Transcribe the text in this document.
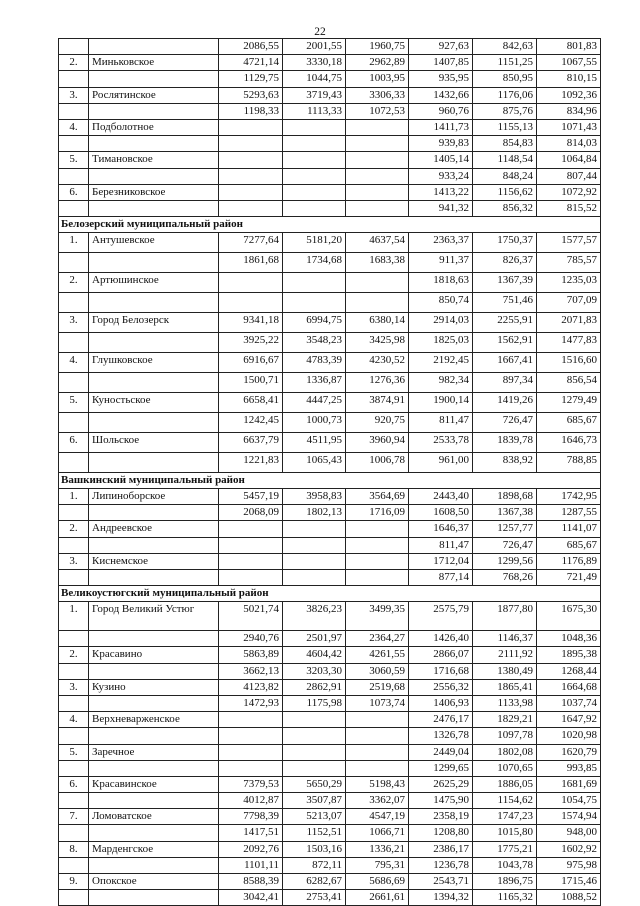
22
		2086,55	2001,55	1960,75	927,63	842,63	801,83
2.	Миньковское	4721,14	3330,18	2962,89	1407,85	1151,25	1067,55
		1129,75	1044,75	1003,95	935,95	850,95	810,15
3.	Рослятинское	5293,63	3719,43	3306,33	1432,66	1176,06	1092,36
		1198,33	1113,33	1072,53	960,76	875,76	834,96
4.	Подболотное				1411,73	1155,13	1071,43
					939,83	854,83	814,03
5.	Тимановское				1405,14	1148,54	1064,84
					933,24	848,24	807,44
6.	Березниковское				1413,22	1156,62	1072,92
					941,32	856,32	815,52
Белозерский муниципальный район							
1.	Антушевское	7277,64	5181,20	4637,54	2363,37	1750,37	1577,57
		1861,68	1734,68	1683,38	911,37	826,37	785,57
2.	Артюшинское				1818,63	1367,39	1235,03
					850,74	751,46	707,09
3.	Город Белозерск	9341,18	6994,75	6380,14	2914,03	2255,91	2071,83
		3925,22	3548,23	3425,98	1825,03	1562,91	1477,83
4.	Глушковское	6916,67	4783,39	4230,52	2192,45	1667,41	1516,60
		1500,71	1336,87	1276,36	982,34	897,34	856,54
5.	Куностьское	6658,41	4447,25	3874,91	1900,14	1419,26	1279,49
		1242,45	1000,73	920,75	811,47	726,47	685,67
6.	Шольское	6637,79	4511,95	3960,94	2533,78	1839,78	1646,73
		1221,83	1065,43	1006,78	961,00	838,92	788,85
Вашкинский муниципальный район							
1.	Липиноборское	5457,19	3958,83	3564,69	2443,40	1898,68	1742,95
		2068,09	1802,13	1716,09	1608,50	1367,38	1287,55
2.	Андреевское				1646,37	1257,77	1141,07
					811,47	726,47	685,67
3.	Киснемское				1712,04	1299,56	1176,89
					877,14	768,26	721,49
Великоустюгский муниципальный район							
1.	Город Великий Устюг	5021,74	3826,23	3499,35	2575,79	1877,80	1675,30
		2940,76	2501,97	2364,27	1426,40	1146,37	1048,36
2.	Красавино	5863,89	4604,42	4261,55	2866,07	2111,92	1895,38
		3662,13	3203,30	3060,59	1716,68	1380,49	1268,44
3.	Кузино	4123,82	2862,91	2519,68	2556,32	1865,41	1664,68
		1472,93	1175,98	1073,74	1406,93	1133,98	1037,74
4.	Верхневарженское				2476,17	1829,21	1647,92
					1326,78	1097,78	1020,98
5.	Заречное				2449,04	1802,08	1620,79
					1299,65	1070,65	993,85
6.	Красавинское	7379,53	5650,29	5198,43	2625,29	1886,05	1681,69
		4012,87	3507,87	3362,07	1475,90	1154,62	1054,75
7.	Ломоватское	7798,39	5213,07	4547,19	2358,19	1747,23	1574,94
		1417,51	1152,51	1066,71	1208,80	1015,80	948,00
8.	Марденгское	2092,76	1503,16	1336,21	2386,17	1775,21	1602,92
		1101,11	872,11	795,31	1236,78	1043,78	975,98
9.	Опокское	8588,39	6282,67	5686,69	2543,71	1896,75	1715,46
		3042,41	2753,41	2661,61	1394,32	1165,32	1088,52
